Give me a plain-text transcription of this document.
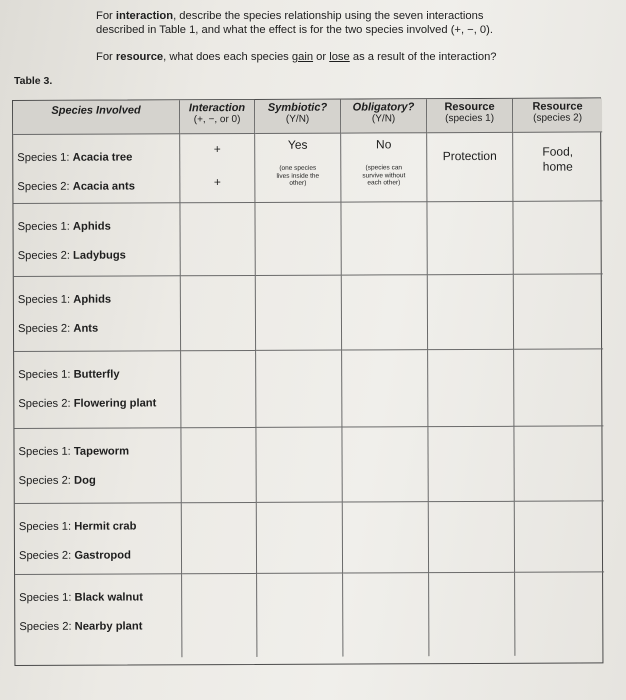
For interaction, describe the species relationship using the seven interactions
described in Table 1, and what the effect is for the two species involved (+, −, 0).
For resource, what does each species gain or lose as a result of the interaction?
Table 3.
Species Involved	Interaction
(+, −, or 0)
Symbiotic?
(Y/N)
Obligatory?
(Y/N)
Resource
(species 1)
Resource
(species 2)
Species 1: Acacia tree
Species 2: Acacia ants
+
+
Yes
(one species lives inside the other)
No
(species can survive without each other)
Protection	Food, home
Species 1: Aphids
Species 2: Ladybugs
Species 1: Aphids
Species 2: Ants
Species 1: Butterfly
Species 2: Flowering plant
Species 1: Tapeworm
Species 2: Dog
Species 1: Hermit crab
Species 2: Gastropod
Species 1: Black walnut
Species 2: Nearby plant
